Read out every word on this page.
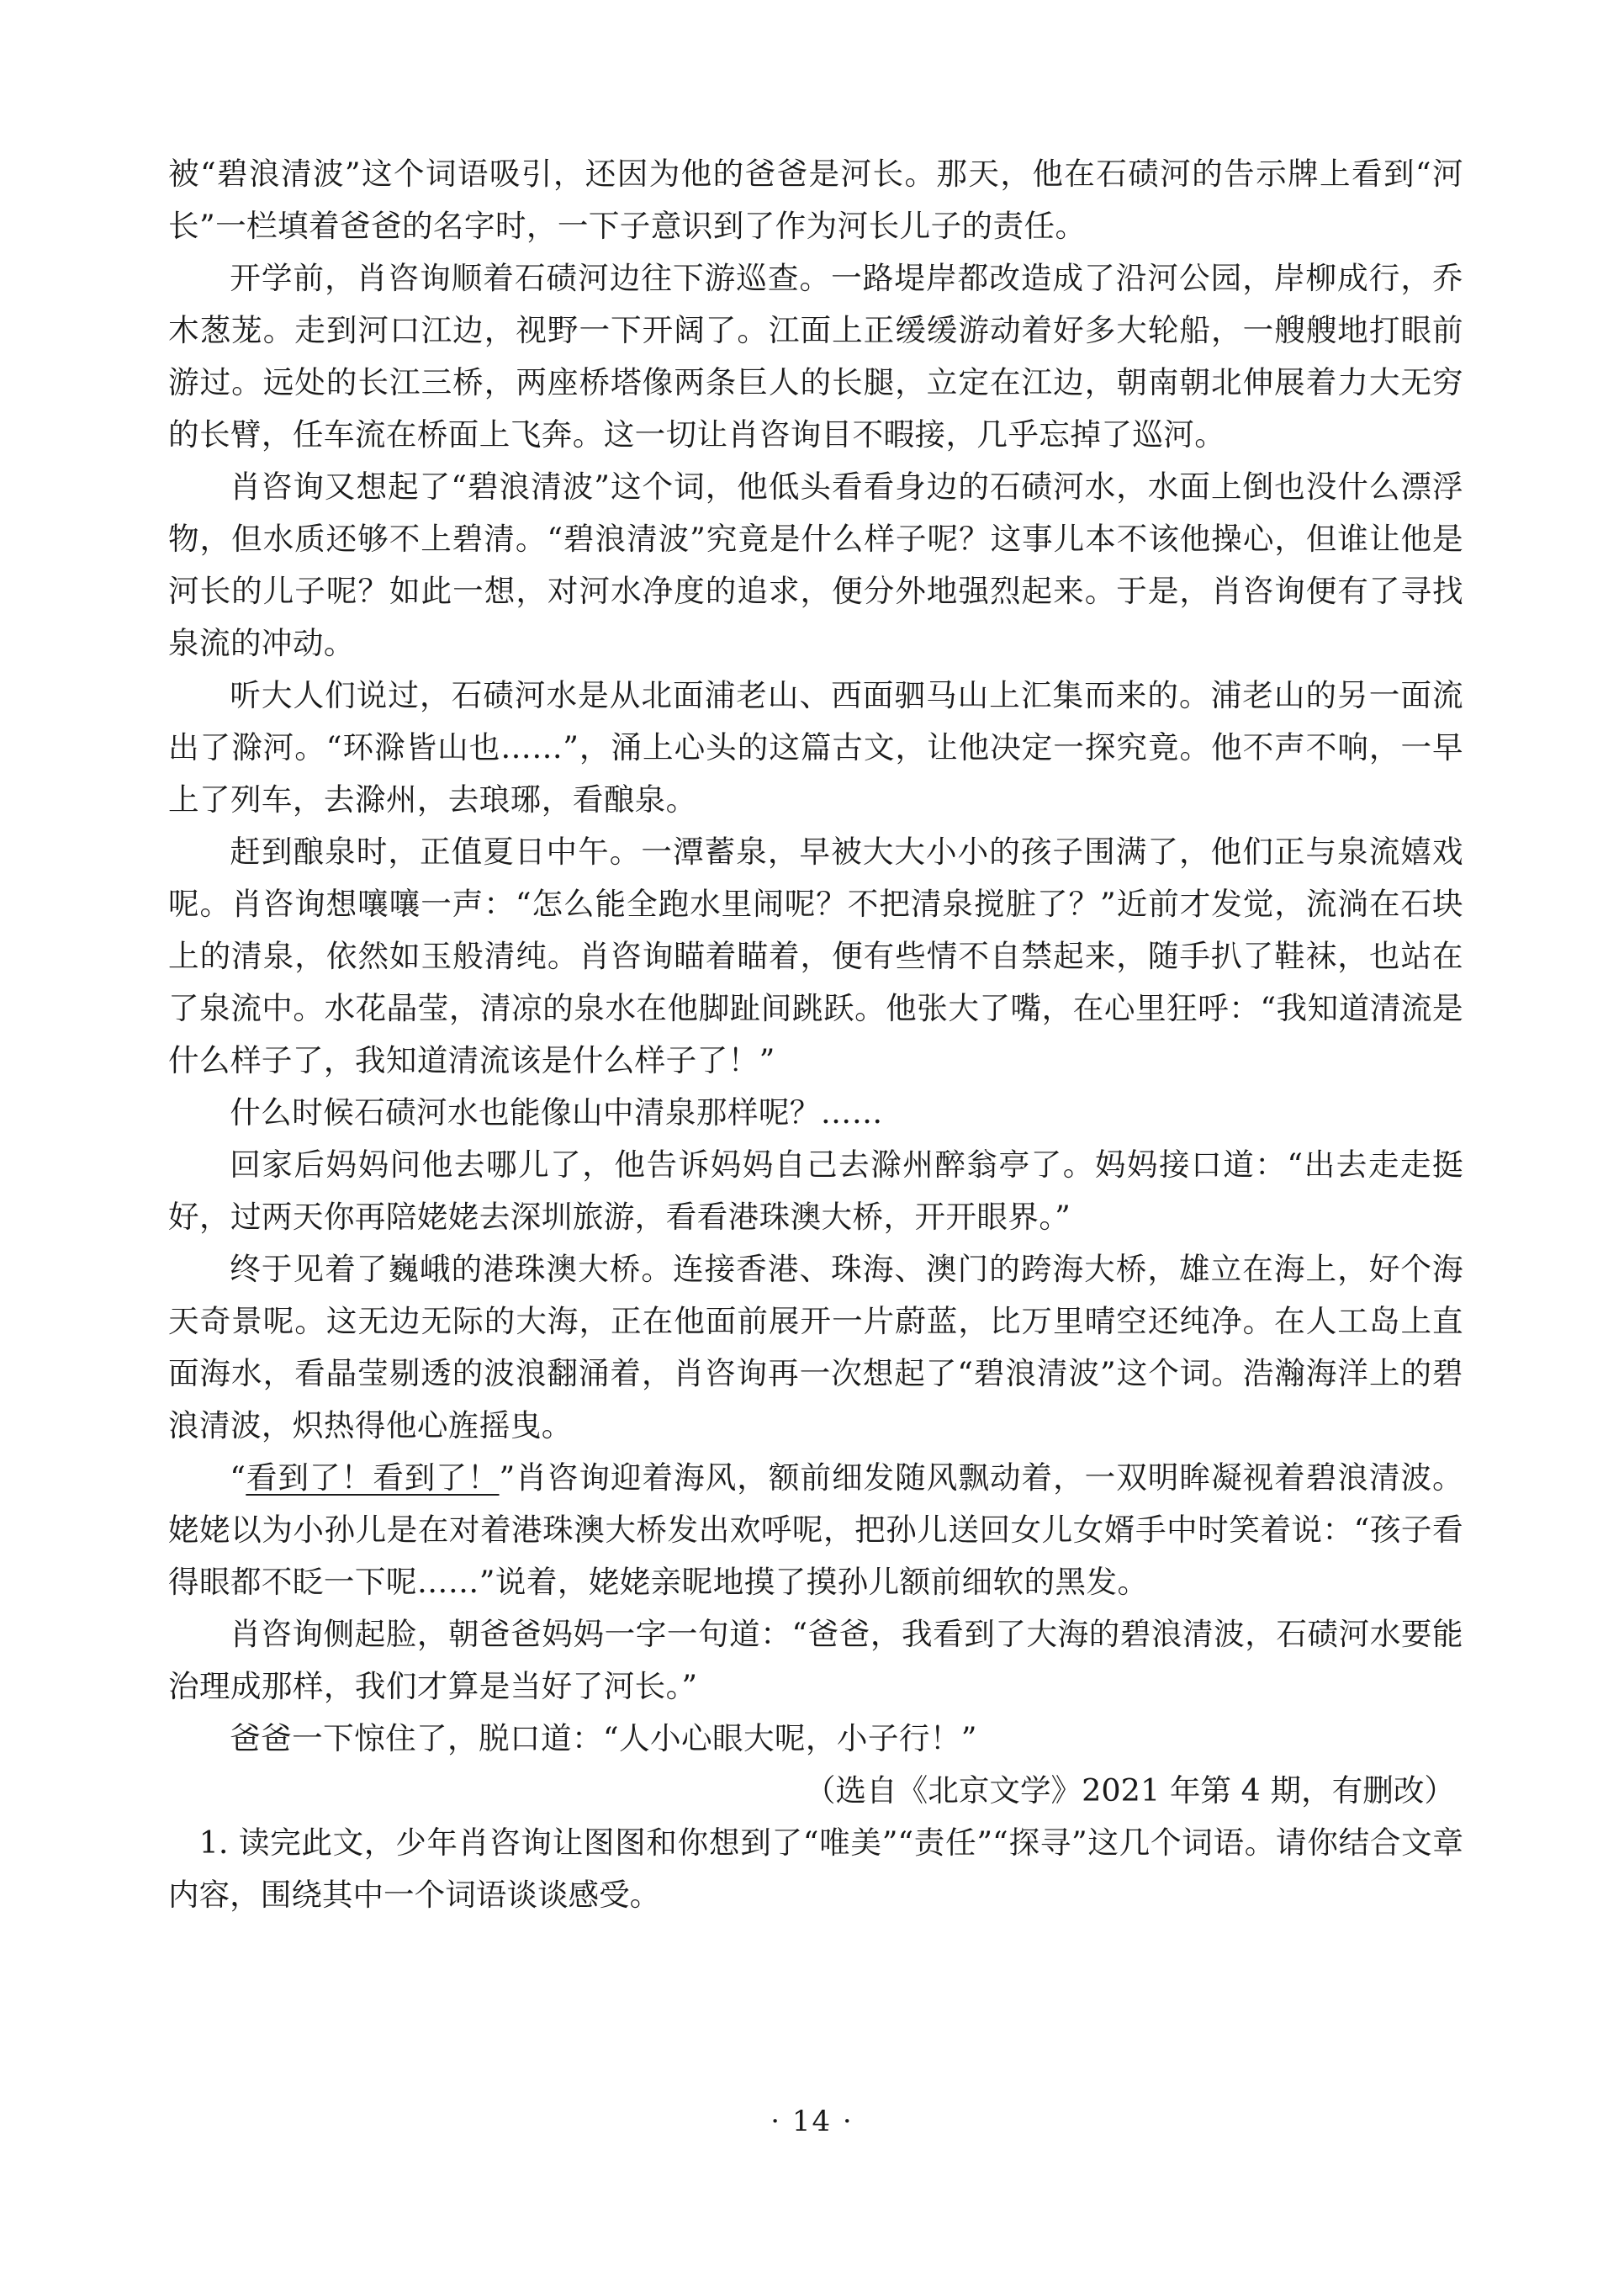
被“碧浪清波”这个词语吸引，还因为他的爸爸是河长。那天，他在石碛河的告示牌上看到“河长”一栏填着爸爸的名字时，一下子意识到了作为河长儿子的责任。

开学前，肖咨询顺着石碛河边往下游巡查。一路堤岸都改造成了沿河公园，岸柳成行，乔木葱茏。走到河口江边，视野一下开阔了。江面上正缓缓游动着好多大轮船，一艘艘地打眼前游过。远处的长江三桥，两座桥塔像两条巨人的长腿，立定在江边，朝南朝北伸展着力大无穷的长臂，任车流在桥面上飞奔。这一切让肖咨询目不暇接，几乎忘掉了巡河。

肖咨询又想起了“碧浪清波”这个词，他低头看看身边的石碛河水，水面上倒也没什么漂浮物，但水质还够不上碧清。“碧浪清波”究竟是什么样子呢？这事儿本不该他操心，但谁让他是河长的儿子呢？如此一想，对河水净度的追求，便分外地强烈起来。于是，肖咨询便有了寻找泉流的冲动。

听大人们说过，石碛河水是从北面浦老山、西面驷马山上汇集而来的。浦老山的另一面流出了滁河。“环滁皆山也……”，涌上心头的这篇古文，让他决定一探究竟。他不声不响，一早上了列车，去滁州，去琅琊，看酿泉。

赶到酿泉时，正值夏日中午。一潭蓄泉，早被大大小小的孩子围满了，他们正与泉流嬉戏呢。肖咨询想嚷嚷一声：“怎么能全跑水里闹呢？不把清泉搅脏了？”近前才发觉，流淌在石块上的清泉，依然如玉般清纯。肖咨询瞄着瞄着，便有些情不自禁起来，随手扒了鞋袜，也站在了泉流中。水花晶莹，清凉的泉水在他脚趾间跳跃。他张大了嘴，在心里狂呼：“我知道清流是什么样子了，我知道清流该是什么样子了！”

什么时候石碛河水也能像山中清泉那样呢？……

回家后妈妈问他去哪儿了，他告诉妈妈自己去滁州醉翁亭了。妈妈接口道：“出去走走挺好，过两天你再陪姥姥去深圳旅游，看看港珠澳大桥，开开眼界。”

终于见着了巍峨的港珠澳大桥。连接香港、珠海、澳门的跨海大桥，雄立在海上，好个海天奇景呢。这无边无际的大海，正在他面前展开一片蔚蓝，比万里晴空还纯净。在人工岛上直面海水，看晶莹剔透的波浪翻涌着，肖咨询再一次想起了“碧浪清波”这个词。浩瀚海洋上的碧浪清波，炽热得他心旌摇曳。

“看到了！看到了！”肖咨询迎着海风，额前细发随风飘动着，一双明眸凝视着碧浪清波。姥姥以为小孙儿是在对着港珠澳大桥发出欢呼呢，把孙儿送回女儿女婿手中时笑着说：“孩子看得眼都不眨一下呢……”说着，姥姥亲昵地摸了摸孙儿额前细软的黑发。

肖咨询侧起脸，朝爸爸妈妈一字一句道：“爸爸，我看到了大海的碧浪清波，石碛河水要能治理成那样，我们才算是当好了河长。”

爸爸一下惊住了，脱口道：“人小心眼大呢，小子行！”

（选自《北京文学》2021 年第 4 期，有删改）

1. 读完此文，少年肖咨询让图图和你想到了“唯美”“责任”“探寻”这几个词语。请你结合文章内容，围绕其中一个词语谈谈感受。

· 14 ·
